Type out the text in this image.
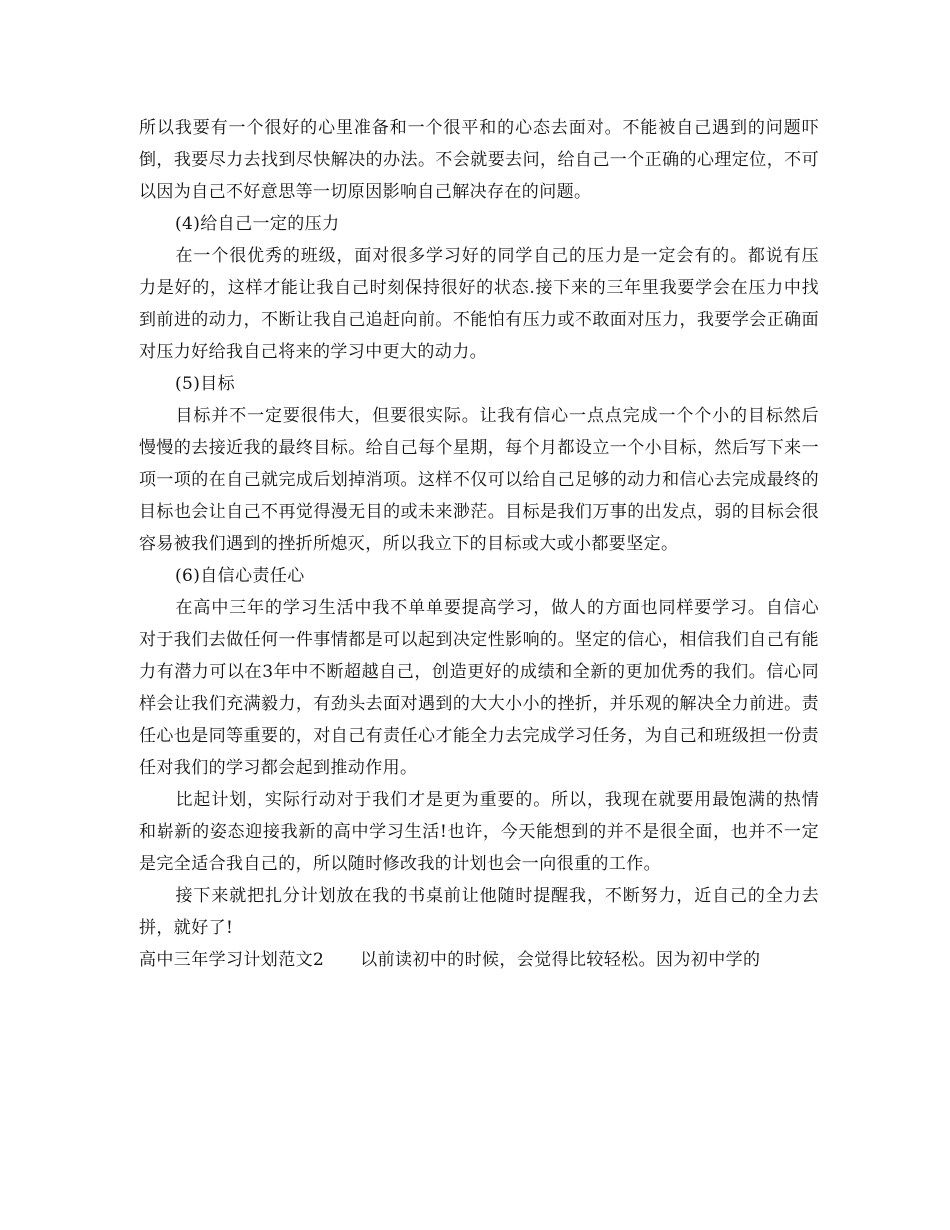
所以我要有一个很好的心里准备和一个很平和的心态去面对。不能被自己遇到的问题吓倒，我要尽力去找到尽快解决的办法。不会就要去问，给自己一个正确的心理定位，不可以因为自己不好意思等一切原因影响自己解决存在的问题。

(4)给自己一定的压力

在一个很优秀的班级，面对很多学习好的同学自己的压力是一定会有的。都说有压力是好的，这样才能让我自己时刻保持很好的状态.接下来的三年里我要学会在压力中找到前进的动力，不断让我自己追赶向前。不能怕有压力或不敢面对压力，我要学会正确面对压力好给我自己将来的学习中更大的动力。

(5)目标

目标并不一定要很伟大，但要很实际。让我有信心一点点完成一个个小的目标然后慢慢的去接近我的最终目标。给自己每个星期，每个月都设立一个小目标，然后写下来一项一项的在自己就完成后划掉消项。这样不仅可以给自己足够的动力和信心去完成最终的目标也会让自己不再觉得漫无目的或未来渺茫。目标是我们万事的出发点，弱的目标会很容易被我们遇到的挫折所熄灭，所以我立下的目标或大或小都要坚定。

(6)自信心责任心

在高中三年的学习生活中我不单单要提高学习，做人的方面也同样要学习。自信心对于我们去做任何一件事情都是可以起到决定性影响的。坚定的信心，相信我们自己有能力有潜力可以在3年中不断超越自己，创造更好的成绩和全新的更加优秀的我们。信心同样会让我们充满毅力，有劲头去面对遇到的大大小小的挫折，并乐观的解决全力前进。责任心也是同等重要的，对自己有责任心才能全力去完成学习任务，为自己和班级担一份责任对我们的学习都会起到推动作用。

比起计划，实际行动对于我们才是更为重要的。所以，我现在就要用最饱满的热情和崭新的姿态迎接我新的高中学习生活!也许，今天能想到的并不是很全面，也并不一定是完全适合我自己的，所以随时修改我的计划也会一向很重的工作。

接下来就把扎分计划放在我的书桌前让他随时提醒我，不断努力，近自己的全力去拼，就好了!

高中三年学习计划范文2 以前读初中的时候，会觉得比较轻松。因为初中学的
